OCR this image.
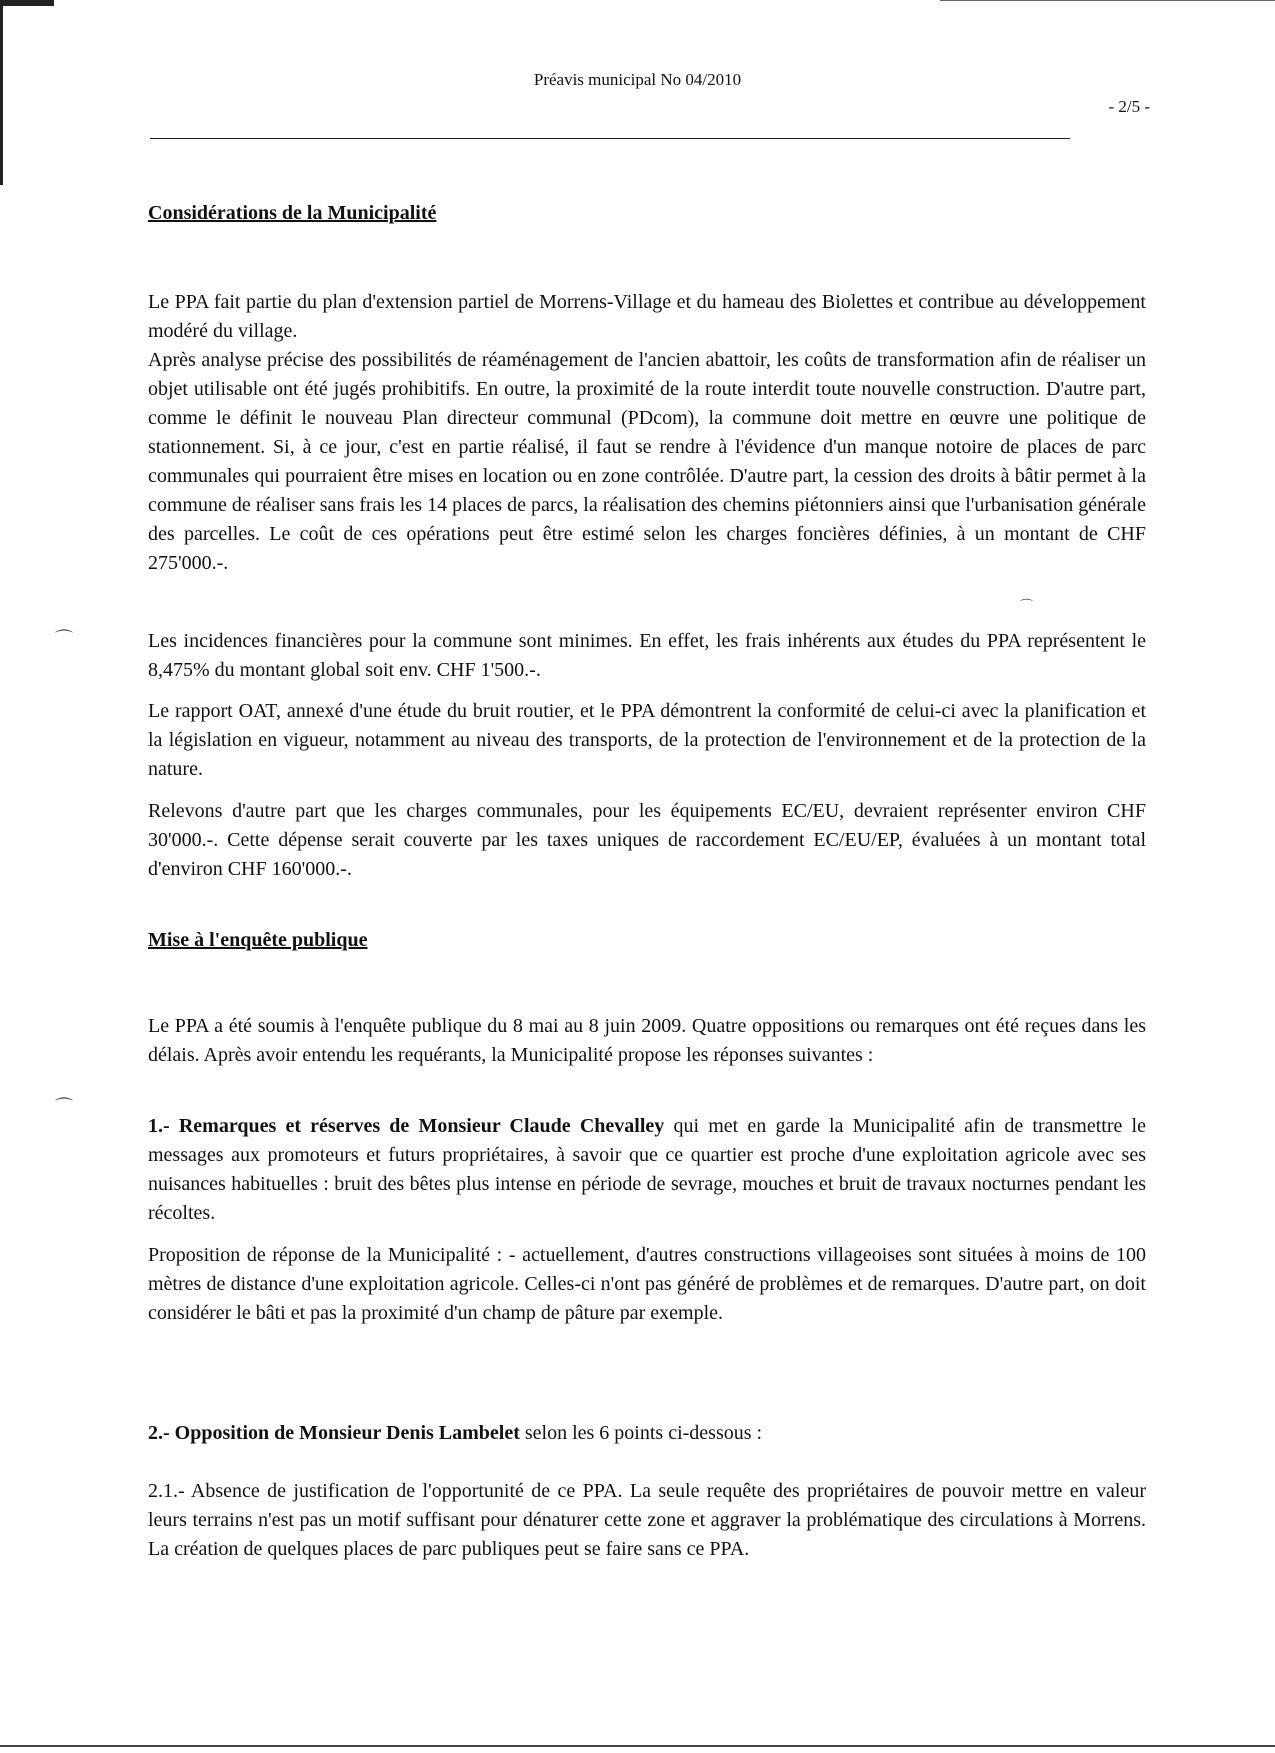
Préavis municipal No 04/2010
- 2/5 -
Considérations de la Municipalité

Le PPA fait partie du plan d'extension partiel de Morrens-Village et du hameau des Biolettes et contribue au développement modéré du village.

Après analyse précise des possibilités de réaménagement de l'ancien abattoir, les coûts de transformation afin de réaliser un objet utilisable ont été jugés prohibitifs. En outre, la proximité de la route interdit toute nouvelle construction. D'autre part, comme le définit le nouveau Plan directeur communal (PDcom), la commune doit mettre en œuvre une politique de stationnement. Si, à ce jour, c'est en partie réalisé, il faut se rendre à l'évidence d'un manque notoire de places de parc communales qui pourraient être mises en location ou en zone contrôlée. D'autre part, la cession des droits à bâtir permet à la commune de réaliser sans frais les 14 places de parcs, la réalisation des chemins piétonniers ainsi que l'urbanisation générale des parcelles. Le coût de ces opérations peut être estimé selon les charges foncières définies, à un montant de CHF 275'000.-.

Les incidences financières pour la commune sont minimes. En effet, les frais inhérents aux études du PPA représentent le 8,475% du montant global soit env. CHF 1'500.-.

Le rapport OAT, annexé d'une étude du bruit routier, et le PPA démontrent la conformité de celui-ci avec la planification et la législation en vigueur, notamment au niveau des transports, de la protection de l'environnement et de la protection de la nature.

Relevons d'autre part que les charges communales, pour les équipements EC/EU, devraient représenter environ CHF 30'000.-. Cette dépense serait couverte par les taxes uniques de raccordement EC/EU/EP, évaluées à un montant total d'environ CHF 160'000.-.

Mise à l'enquête publique

Le PPA a été soumis à l'enquête publique du 8 mai au 8 juin 2009. Quatre oppositions ou remarques ont été reçues dans les délais. Après avoir entendu les requérants, la Municipalité propose les réponses suivantes :

1.- Remarques et réserves de Monsieur Claude Chevalley qui met en garde la Municipalité afin de transmettre le messages aux promoteurs et futurs propriétaires, à savoir que ce quartier est proche d'une exploitation agricole avec ses nuisances habituelles : bruit des bêtes plus intense en période de sevrage, mouches et bruit de travaux nocturnes pendant les récoltes.

Proposition de réponse de la Municipalité : - actuellement, d'autres constructions villageoises sont situées à moins de 100 mètres de distance d'une exploitation agricole. Celles-ci n'ont pas généré de problèmes et de remarques. D'autre part, on doit considérer le bâti et pas la proximité d'un champ de pâture par exemple.

2.- Opposition de Monsieur Denis Lambelet selon les 6 points ci-dessous :

2.1.- Absence de justification de l'opportunité de ce PPA. La seule requête des propriétaires de pouvoir mettre en valeur leurs terrains n'est pas un motif suffisant pour dénaturer cette zone et aggraver la problématique des circulations à Morrens. La création de quelques places de parc publiques peut se faire sans ce PPA.

⌒
⌒
⌒
